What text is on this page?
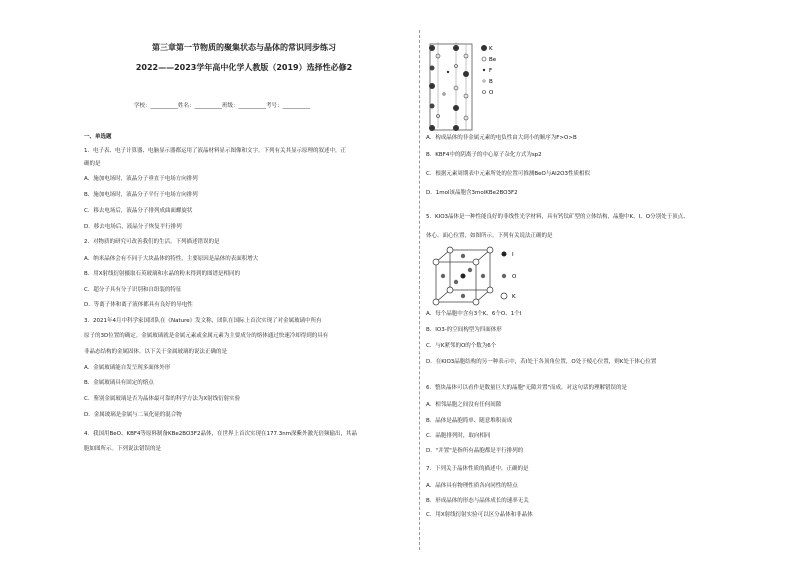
第三章第一节物质的聚集状态与晶体的常识同步练习
2022——2023学年高中化学人教版（2019）选择性必修2
学校：__________姓名：__________班级：__________考号：__________
一、单选题
1．电子表、电子计算器、电脑显示器都运用了液晶材料显示图像和文字。下列有关其显示原理的叙述中，正
确的是
A．施加电场时，液晶分子垂直于电场方向排列
B．施加电场时，液晶分子平行于电场方向排列
C．移去电场后，液晶分子排列成曲面螺旋状
D．移去电场后，液晶分子恢复平行排列
2．对物质的研究可改善我们的生活。下列描述错误的是
A．纳米晶体会有不同于大块晶体的特性，主要原因是晶体的表面积增大
B．用X射线衍射摄取石英玻璃和水晶的粉末得到的图谱是相同的
C．超分子具有分子识别和自组装的特征
D．等离子体和离子液体都具有良好的导电性
3．2021年4月中科学家国团队在《Nature》发文称，团队在国际上首次实现了对金属玻璃中所有
原子的3D位置的确定。金属玻璃就是金属元素或金属元素为主要成分的熔体通过快速冷却得到的具有
非晶态结构的金属固体。以下关于金属玻璃的说法正确的是
A．金属玻璃能自发呈现多面体外形
B．金属玻璃具有固定的熔点
C．鉴别金属玻璃是否为晶体最可靠的科学方法为X射线衍射实验
D．金属玻璃是金属与二氧化硅的混合物
4．我国用BeO、KBF4等原料制备KBe2BO3F2晶体，在世界上首次实现在177.3nm深紫外激光倍频输出，其晶
胞如图所示。下列说法错误的是
K
Be
F
B
O
I
O
K
A．构成晶体的非金属元素的电负性由大到小的顺序为F>O>B
B．KBF4中的阴离子的中心原子杂化方式为sp2
C．根据元素周期表中元素所处的位置可推测BeO与Al2O3性质相似
D．1mol该晶胞含3molKBe2BO3F2
5．KIO3晶体是一种性能良好的非线性光学材料，具有钙钛矿型的立体结构，晶胞中K、I、O分别处于顶点、
体心、面心位置，如图所示。下列有关说法正确的是
A．每个晶胞中含有3个K、6个O、1个I
B．IO3-的空间构型为四面体形
C．与K紧邻的O的个数为6个
D．在KIO3晶胞结构的另一种表示中，若I处于各顶角位置，O处于棱心位置，则K处于体心位置
6．整块晶体可以看作是数量巨大的晶胞"无隙并置"而成。对这句话的理解错误的是
A．相邻晶胞之间没有任何间隙
B．晶体是晶胞简单、随意堆积而成
C．晶胞排列时，取向相同
D．"并置"是指所有晶胞都是平行排列的
7．下列关于晶体性质的描述中，正确的是
A．晶体具有物理性质各向同性的特点
B．形成晶体的形态与晶体成长的速率无关
C．用X射线衍射实验可以区分晶体和非晶体
